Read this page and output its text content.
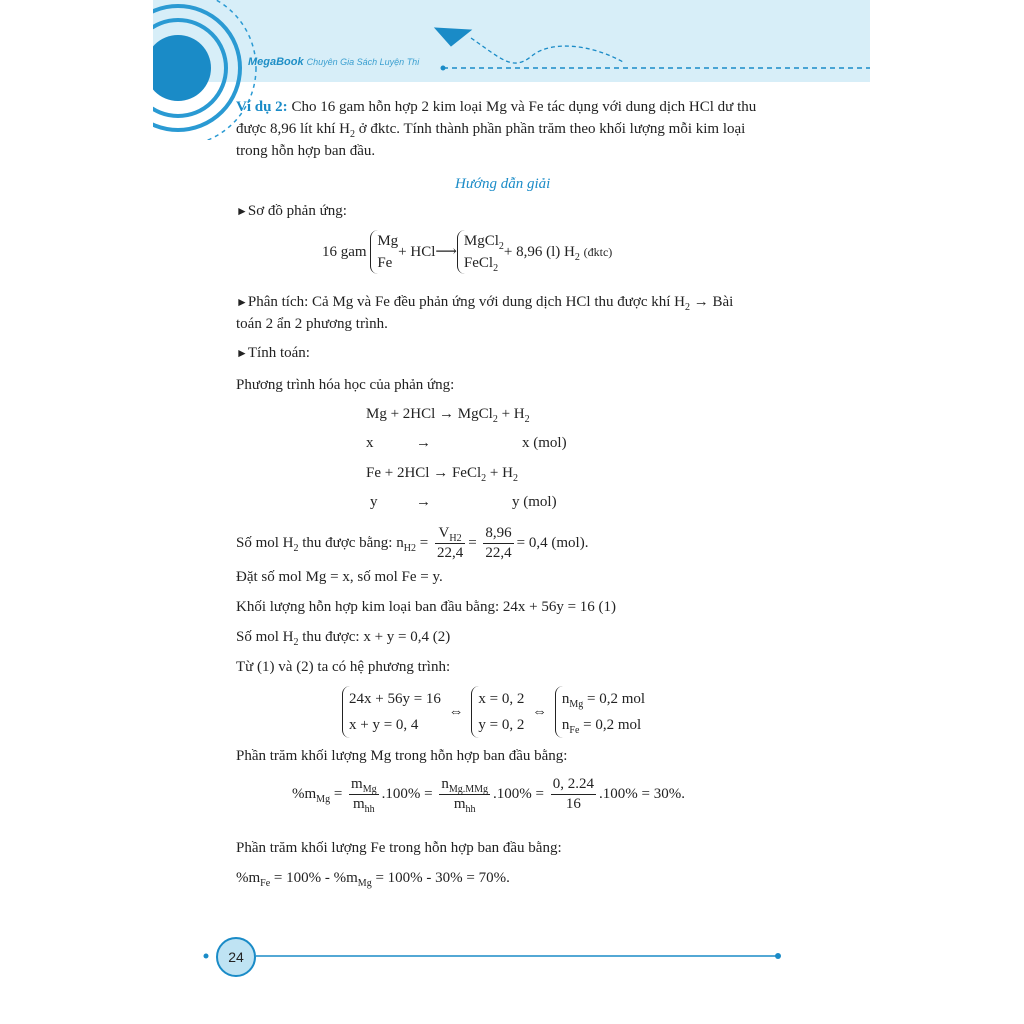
MegaBook Chuyên Gia Sách Luyện Thi
Ví dụ 2: Cho 16 gam hỗn hợp 2 kim loại Mg và Fe tác dụng với dung dịch HCl dư thu
được 8,96 lít khí $H_2$ ở đktc. Tính thành phần phần trăm theo khối lượng mỗi kim loại
trong hỗn hợp ban đầu.
Hướng dẫn giải
►Sơ đồ phản ứng:
16 gam
Mg
Fe
+ HCl⟶
MgCl$_2$
FeCl$_2$
+ 8,96 (l) $H_2$ (đktc)
►Phân tích: Cả Mg và Fe đều phản ứng với dung dịch HCl thu được khí $H_2$ → Bài
toán 2 ẩn 2 phương trình.
►Tính toán:
Phương trình hóa học của phản ứng:
Mg + 2HCl → MgCl$_2$ + $H_2$
x	→	x (mol)
Fe + 2HCl → FeCl$_2$ + $H_2$
y	→	y (mol)
Số mol $H_2$ thu được bằng: $n_{H2} = \frac{V_{H2}}{22,4} = \frac{8,96}{22,4} = 0,4$ (mol).
Đặt số mol Mg = x, số mol Fe = y.
Khối lượng hỗn hợp kim loại ban đầu bằng: 24x + 56y = 16 (1)
Số mol $H_2$ thu được: x + y = 0,4 (2)
Từ (1) và (2) ta có hệ phương trình:
24x + 56y = 16
x + y = 0, 4
⇔
x = 0, 2
y = 0, 2
⇔
$n_{Mg} = 0,2$ mol
$n_{Fe} = 0,2$ mol
Phần trăm khối lượng Mg trong hỗn hợp ban đầu bằng:
$\%m_{Mg} = \frac{m_{Mg}}{m_{hh}} .100\% = \frac{n_{Mg.MMg}}{m_{hh}} .100\% = \frac{0, 2.24}{16} .100\% = 30\%$.
Phần trăm khối lượng Fe trong hỗn hợp ban đầu bằng:
$\%m_{Fe} = 100\% - \%m_{Mg} = 100\% - 30\% = 70\%$.
24
